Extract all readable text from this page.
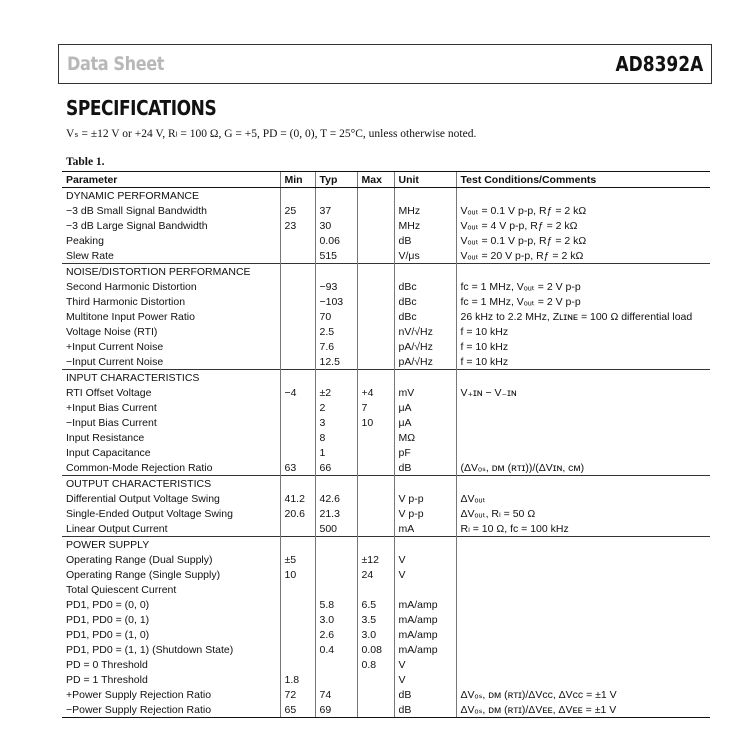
Data Sheet	AD8392A
SPECIFICATIONS
Vₛ = ±12 V or +24 V, Rₗ = 100 Ω, G = +5, PD = (0, 0), T = 25°C, unless otherwise noted.
Table 1.
Parameter	Min	Typ	Max	Unit	Test Conditions/Comments
DYNAMIC PERFORMANCE					
−3 dB Small Signal Bandwidth	25	37		MHz	Vₒᵤₜ = 0.1 V p-p, Rƒ = 2 kΩ
−3 dB Large Signal Bandwidth	23	30		MHz	Vₒᵤₜ = 4 V p-p, Rƒ = 2 kΩ
Peaking		0.06		dB	Vₒᵤₜ = 0.1 V p-p, Rƒ = 2 kΩ
Slew Rate		515		V/μs	Vₒᵤₜ = 20 V p-p, Rƒ = 2 kΩ
NOISE/DISTORTION PERFORMANCE					
Second Harmonic Distortion		−93		dBc	fᴄ = 1 MHz, Vₒᵤₜ = 2 V p-p
Third Harmonic Distortion		−103		dBc	fᴄ = 1 MHz, Vₒᵤₜ = 2 V p-p
Multitone Input Power Ratio		70		dBc	26 kHz to 2.2 MHz, Zʟɪɴᴇ = 100 Ω differential load
Voltage Noise (RTI)		2.5		nV/√Hz	f = 10 kHz
+Input Current Noise		7.6		pA/√Hz	f = 10 kHz
−Input Current Noise		12.5		pA/√Hz	f = 10 kHz
INPUT CHARACTERISTICS					
RTI Offset Voltage	−4	±2	+4	mV	V₊ɪɴ − V₋ɪɴ
+Input Bias Current		2	7	μA	
−Input Bias Current		3	10	μA	
Input Resistance		8		MΩ	
Input Capacitance		1		pF	
Common-Mode Rejection Ratio	63	66		dB	(ΔVₒₛ, ᴅᴍ (ʀᴛɪ))/(ΔVɪɴ, ᴄᴍ)
OUTPUT CHARACTERISTICS					
Differential Output Voltage Swing	41.2	42.6		V p-p	ΔVₒᵤₜ
Single-Ended Output Voltage Swing	20.6	21.3		V p-p	ΔVₒᵤₜ, Rₗ = 50 Ω
Linear Output Current		500		mA	Rₗ = 10 Ω, fᴄ = 100 kHz
POWER SUPPLY					
Operating Range (Dual Supply)	±5		±12	V	
Operating Range (Single Supply)	10		24	V	
Total Quiescent Current					
PD1, PD0 = (0, 0)		5.8	6.5	mA/amp	
PD1, PD0 = (0, 1)		3.0	3.5	mA/amp	
PD1, PD0 = (1, 0)		2.6	3.0	mA/amp	
PD1, PD0 = (1, 1) (Shutdown State)		0.4	0.08	mA/amp	
PD = 0 Threshold			0.8	V	
PD = 1 Threshold	1.8			V	
+Power Supply Rejection Ratio	72	74		dB	ΔVₒₛ, ᴅᴍ (ʀᴛɪ)/ΔVᴄᴄ, ΔVᴄᴄ = ±1 V
−Power Supply Rejection Ratio	65	69		dB	ΔVₒₛ, ᴅᴍ (ʀᴛɪ)/ΔVᴇᴇ, ΔVᴇᴇ = ±1 V
